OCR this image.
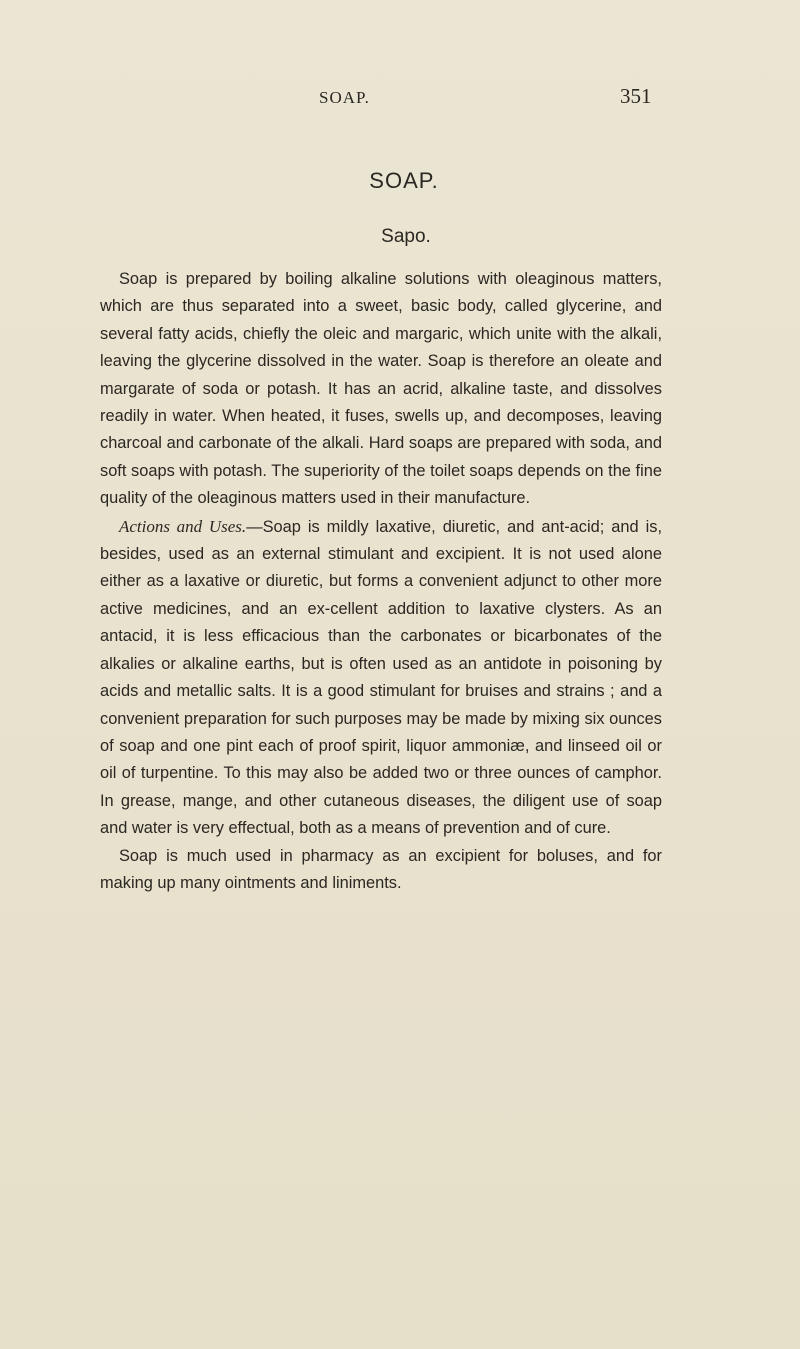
SOAP.	351
SOAP.
Sapo.

Soap is prepared by boiling alkaline solutions with oleaginous matters, which are thus separated into a sweet, basic body, called glycerine, and several fatty acids, chiefly the oleic and margaric, which unite with the alkali, leaving the glycerine dissolved in the water. Soap is therefore an oleate and margarate of soda or potash. It has an acrid, alkaline taste, and dissolves readily in water. When heated, it fuses, swells up, and decomposes, leaving charcoal and carbonate of the alkali. Hard soaps are prepared with soda, and soft soaps with potash. The superiority of the toilet soaps depends on the fine quality of the oleaginous matters used in their manufacture.

Actions and Uses.—Soap is mildly laxative, diuretic, and ant-acid; and is, besides, used as an external stimulant and excipient. It is not used alone either as a laxative or diuretic, but forms a convenient adjunct to other more active medicines, and an ex-cellent addition to laxative clysters. As an antacid, it is less efficacious than the carbonates or bicarbonates of the alkalies or alkaline earths, but is often used as an antidote in poisoning by acids and metallic salts. It is a good stimulant for bruises and strains ; and a convenient preparation for such purposes may be made by mixing six ounces of soap and one pint each of proof spirit, liquor ammoniæ, and linseed oil or oil of turpentine. To this may also be added two or three ounces of camphor. In grease, mange, and other cutaneous diseases, the diligent use of soap and water is very effectual, both as a means of prevention and of cure.

Soap is much used in pharmacy as an excipient for boluses, and for making up many ointments and liniments.
